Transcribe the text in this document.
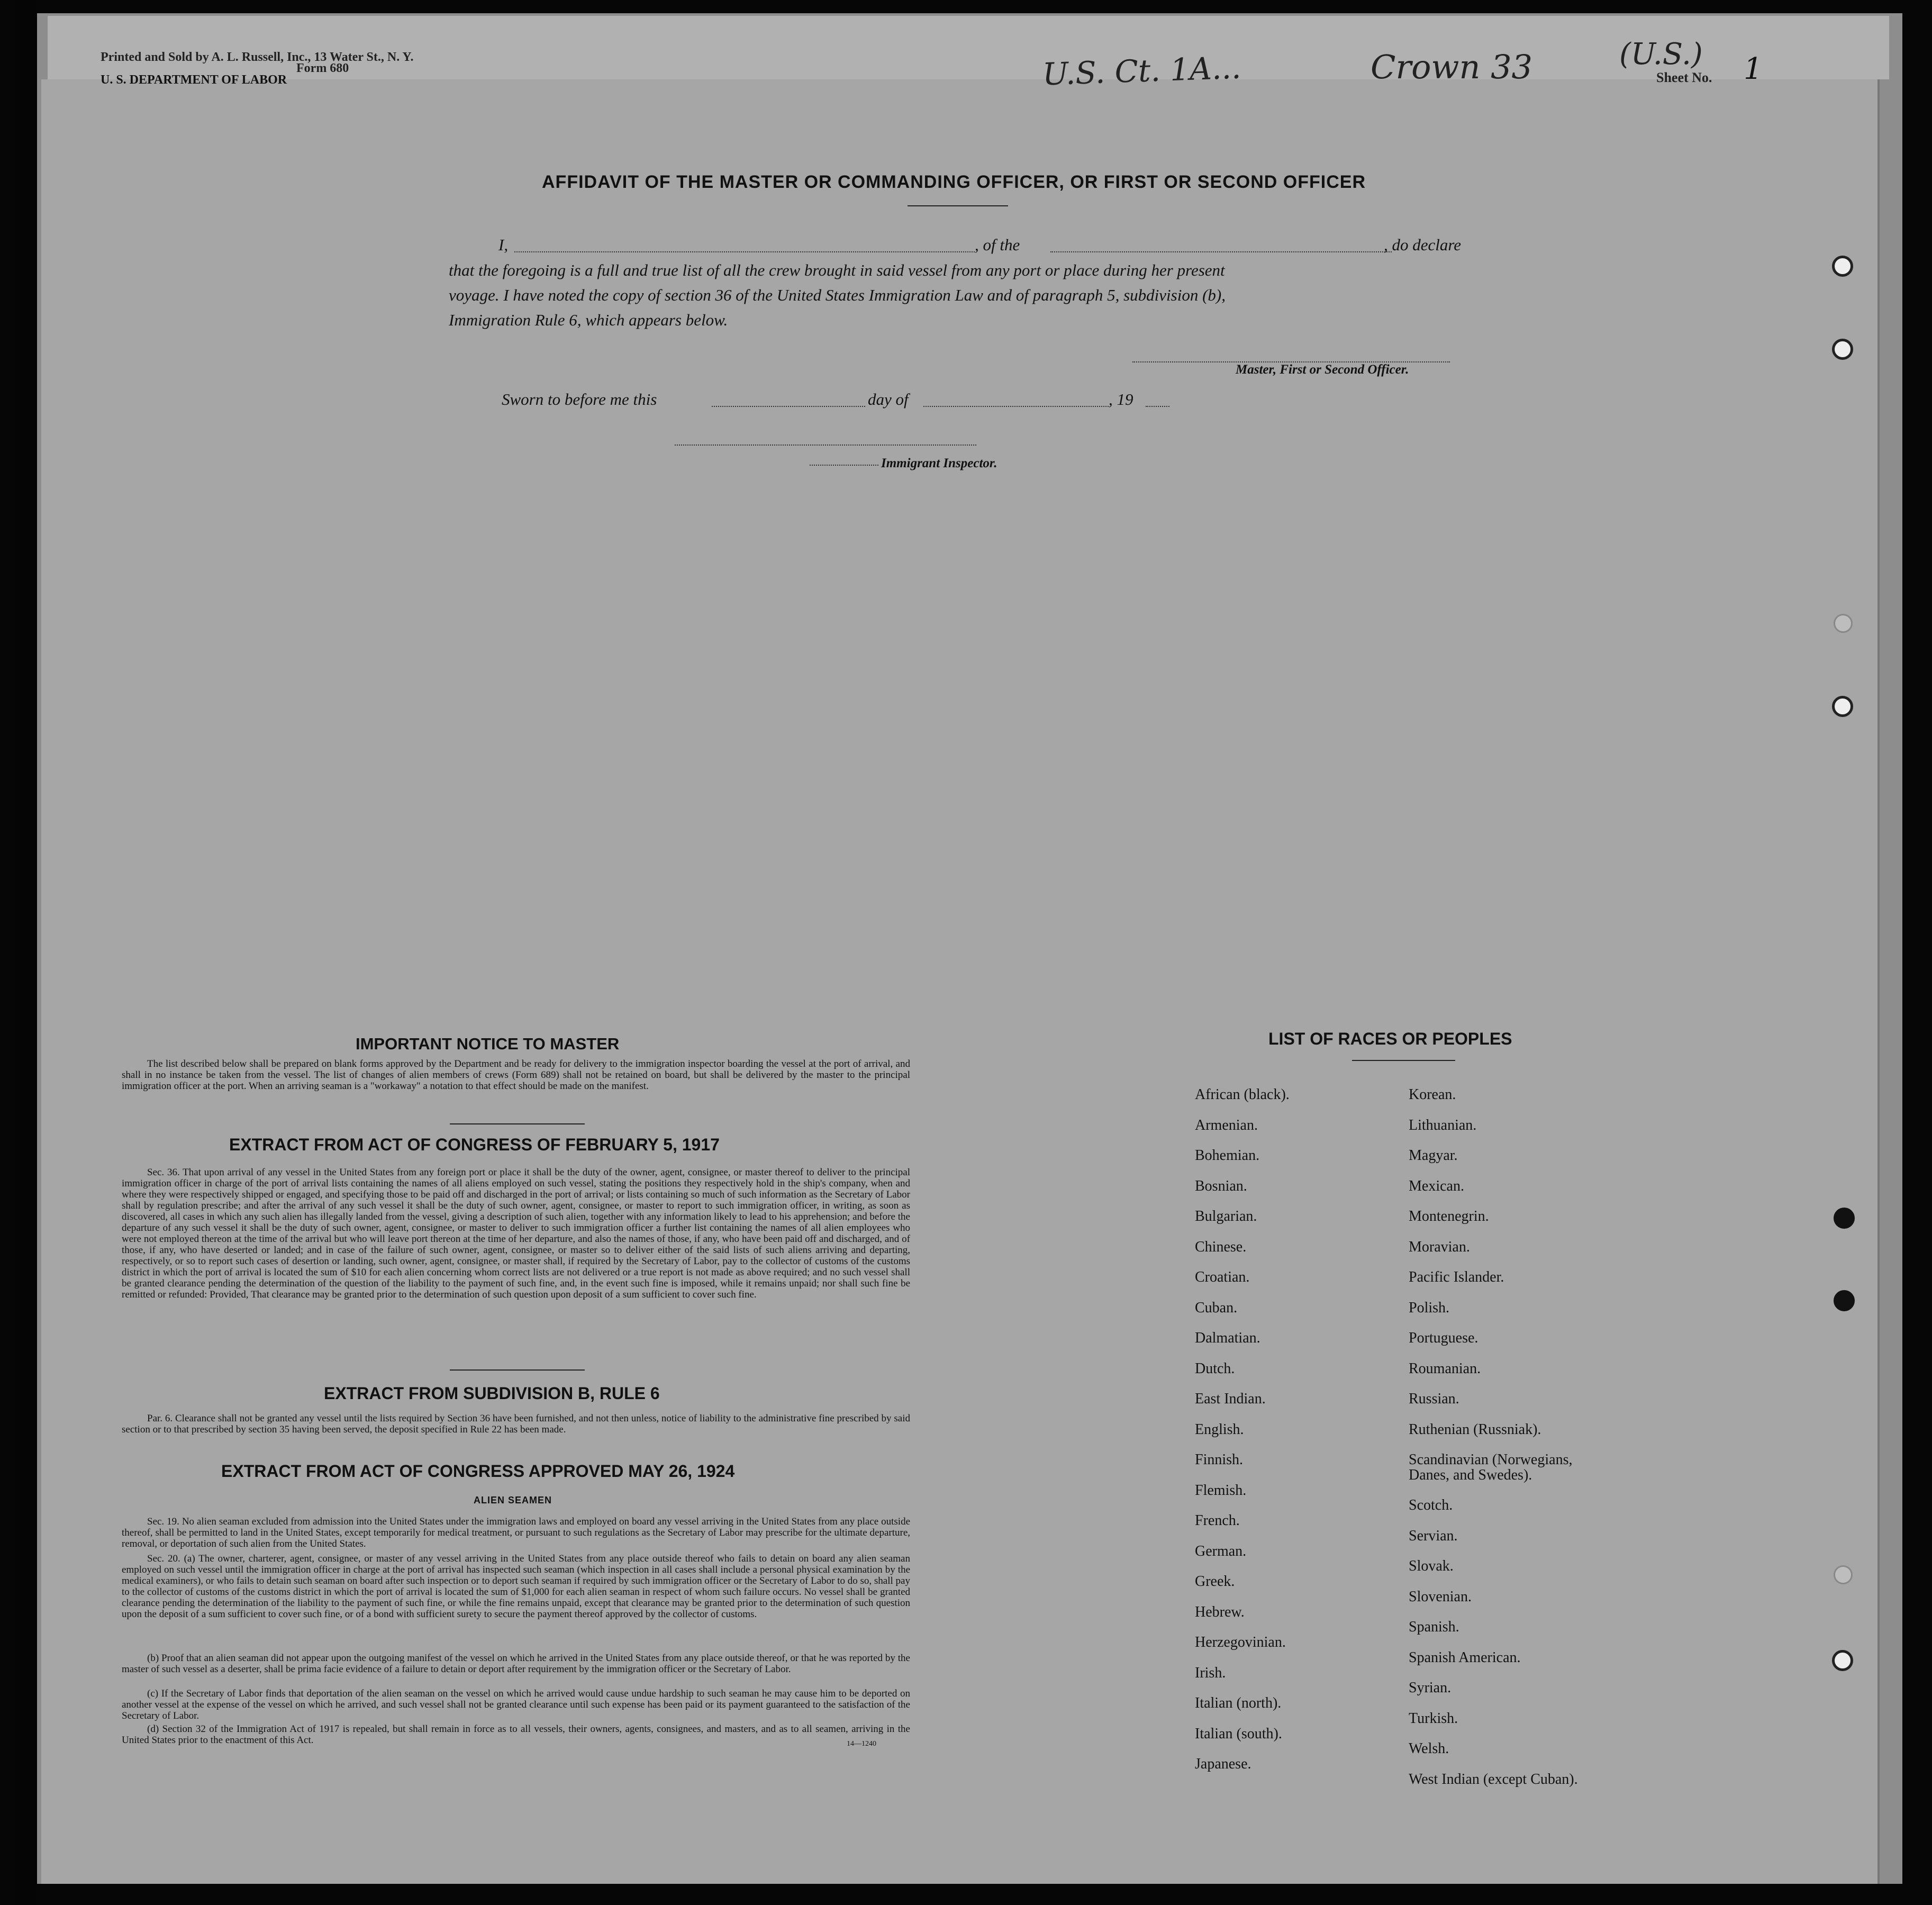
Printed and Sold by A. L. Russell, Inc., 13 Water St., N. Y.
Form 680
U. S. DEPARTMENT OF LABOR	U.S. Ct. 1A...	Crown 33	(U.S.)
Sheet No. 1
AFFIDAVIT OF THE MASTER OR COMMANDING OFFICER, OR FIRST OR SECOND OFFICER
I,	, of the	, do declare
that the foregoing is a full and true list of all the crew brought in said vessel from any port or place during her present
voyage. I have noted the copy of section 36 of the United States Immigration Law and of paragraph 5, subdivision (b),
Immigration Rule 6, which appears below.
Master, First or Second Officer.
Sworn to before me this	day of	, 19
Immigrant Inspector.
IMPORTANT NOTICE TO MASTER
The list described below shall be prepared on blank forms approved by the Department and be ready for delivery to the immigration inspector boarding the vessel at the port of arrival, and shall in no instance be taken from the vessel. The list of changes of alien members of crews (Form 689) shall not be retained on board, but shall be delivered by the master to the principal immigration officer at the port. When an arriving seaman is a "workaway" a notation to that effect should be made on the manifest.
EXTRACT FROM ACT OF CONGRESS OF FEBRUARY 5, 1917
Sec. 36. That upon arrival of any vessel in the United States from any foreign port or place it shall be the duty of the owner, agent, consignee, or master thereof to deliver to the principal immigration officer in charge of the port of arrival lists containing the names of all aliens employed on such vessel, stating the positions they respectively hold in the ship's company, when and where they were respectively shipped or engaged, and specifying those to be paid off and discharged in the port of arrival; or lists containing so much of such information as the Secretary of Labor shall by regulation prescribe; and after the arrival of any such vessel it shall be the duty of such owner, agent, consignee, or master to report to such immigration officer, in writing, as soon as discovered, all cases in which any such alien has illegally landed from the vessel, giving a description of such alien, together with any information likely to lead to his apprehension; and before the departure of any such vessel it shall be the duty of such owner, agent, consignee, or master to deliver to such immigration officer a further list containing the names of all alien employees who were not employed thereon at the time of the arrival but who will leave port thereon at the time of her departure, and also the names of those, if any, who have been paid off and discharged, and of those, if any, who have deserted or landed; and in case of the failure of such owner, agent, consignee, or master so to deliver either of the said lists of such aliens arriving and departing, respectively, or so to report such cases of desertion or landing, such owner, agent, consignee, or master shall, if required by the Secretary of Labor, pay to the collector of customs of the customs district in which the port of arrival is located the sum of $10 for each alien concerning whom correct lists are not delivered or a true report is not made as above required; and no such vessel shall be granted clearance pending the determination of the question of the liability to the payment of such fine, and, in the event such fine is imposed, while it remains unpaid; nor shall such fine be remitted or refunded: Provided, That clearance may be granted prior to the determination of such question upon deposit of a sum sufficient to cover such fine.
EXTRACT FROM SUBDIVISION B, RULE 6
Par. 6. Clearance shall not be granted any vessel until the lists required by Section 36 have been furnished, and not then unless, notice of liability to the administrative fine prescribed by said section or to that prescribed by section 35 having been served, the deposit specified in Rule 22 has been made.
EXTRACT FROM ACT OF CONGRESS APPROVED MAY 26, 1924
ALIEN SEAMEN
Sec. 19. No alien seaman excluded from admission into the United States under the immigration laws and employed on board any vessel arriving in the United States from any place outside thereof, shall be permitted to land in the United States, except temporarily for medical treatment, or pursuant to such regulations as the Secretary of Labor may prescribe for the ultimate departure, removal, or deportation of such alien from the United States.
Sec. 20. (a) The owner, charterer, agent, consignee, or master of any vessel arriving in the United States from any place outside thereof who fails to detain on board any alien seaman employed on such vessel until the immigration officer in charge at the port of arrival has inspected such seaman (which inspection in all cases shall include a personal physical examination by the medical examiners), or who fails to detain such seaman on board after such inspection or to deport such seaman if required by such immigration officer or the Secretary of Labor to do so, shall pay to the collector of customs of the customs district in which the port of arrival is located the sum of $1,000 for each alien seaman in respect of whom such failure occurs. No vessel shall be granted clearance pending the determination of the liability to the payment of such fine, or while the fine remains unpaid, except that clearance may be granted prior to the determination of such question upon the deposit of a sum sufficient to cover such fine, or of a bond with sufficient surety to secure the payment thereof approved by the collector of customs.
(b) Proof that an alien seaman did not appear upon the outgoing manifest of the vessel on which he arrived in the United States from any place outside thereof, or that he was reported by the master of such vessel as a deserter, shall be prima facie evidence of a failure to detain or deport after requirement by the immigration officer or the Secretary of Labor.
(c) If the Secretary of Labor finds that deportation of the alien seaman on the vessel on which he arrived would cause undue hardship to such seaman he may cause him to be deported on another vessel at the expense of the vessel on which he arrived, and such vessel shall not be granted clearance until such expense has been paid or its payment guaranteed to the satisfaction of the Secretary of Labor.
(d) Section 32 of the Immigration Act of 1917 is repealed, but shall remain in force as to all vessels, their owners, agents, consignees, and masters, and as to all seamen, arriving in the United States prior to the enactment of this Act.	14—1240
LIST OF RACES OR PEOPLES
African (black).
Armenian.
Bohemian.
Bosnian.
Bulgarian.
Chinese.
Croatian.
Cuban.
Dalmatian.
Dutch.
East Indian.
English.
Finnish.
Flemish.
French.
German.
Greek.
Hebrew.
Herzegovinian.
Irish.
Italian (north).
Italian (south).
Japanese.
Korean.
Lithuanian.
Magyar.
Mexican.
Montenegrin.
Moravian.
Pacific Islander.
Polish.
Portuguese.
Roumanian.
Russian.
Ruthenian (Russniak).
Scandinavian (Norwegians, Danes, and Swedes).
Scotch.
Servian.
Slovak.
Slovenian.
Spanish.
Spanish American.
Syrian.
Turkish.
Welsh.
West Indian (except Cuban).
